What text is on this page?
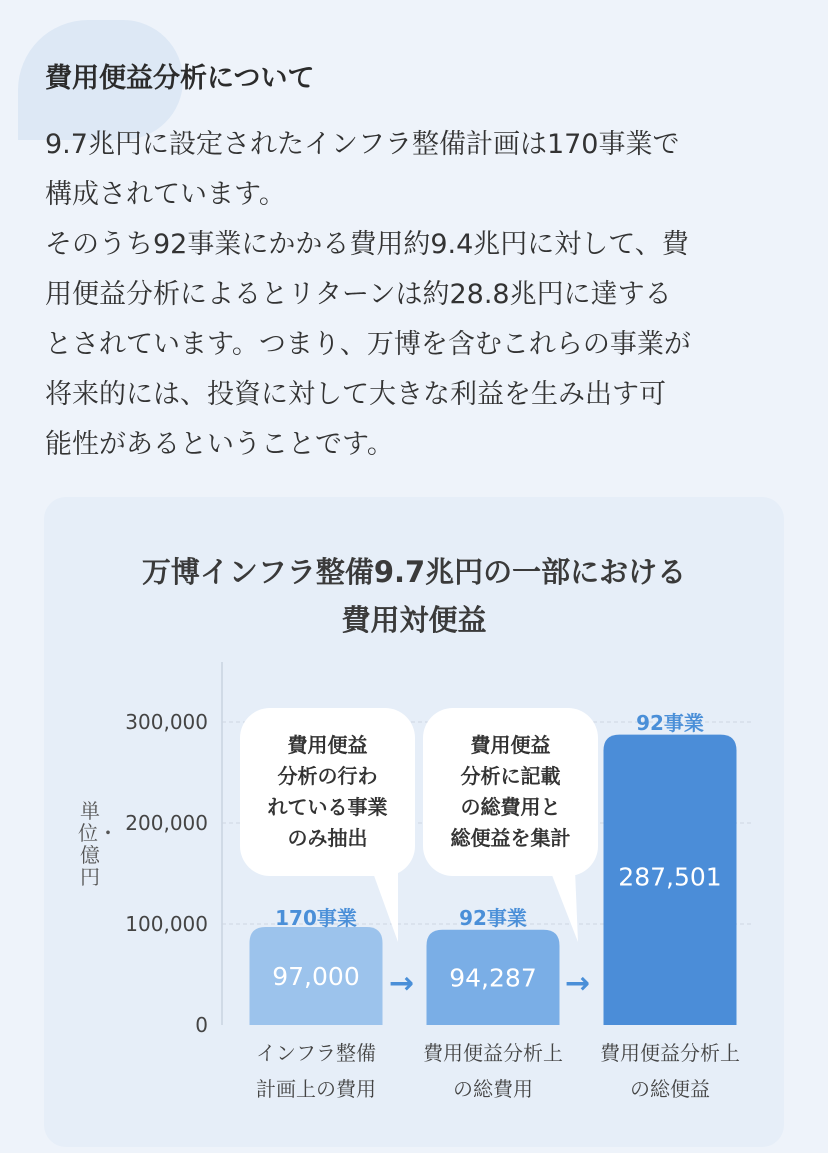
費用便益分析について
9.7兆円に設定されたインフラ整備計画は170事業で
構成されています。
そのうち92事業にかかる費用約9.4兆円に対して、費
用便益分析によるとリターンは約28.8兆円に達する
とされています。つまり、万博を含むこれらの事業が
将来的には、投資に対して大きな利益を生み出す可
能性があるということです。
万博インフラ整備9.7兆円の一部における
費用対便益
単位・億円
300,000
200,000
100,000
0
97,000	94,287
287,501
費用便益
分析の行わ
れている事業
のみ抽出
費用便益
分析に記載
の総費用と
総便益を集計
170事業	92事業
92事業
→	→
インフラ整備
計画上の費用
費用便益分析上
の総費用
費用便益分析上
の総便益
